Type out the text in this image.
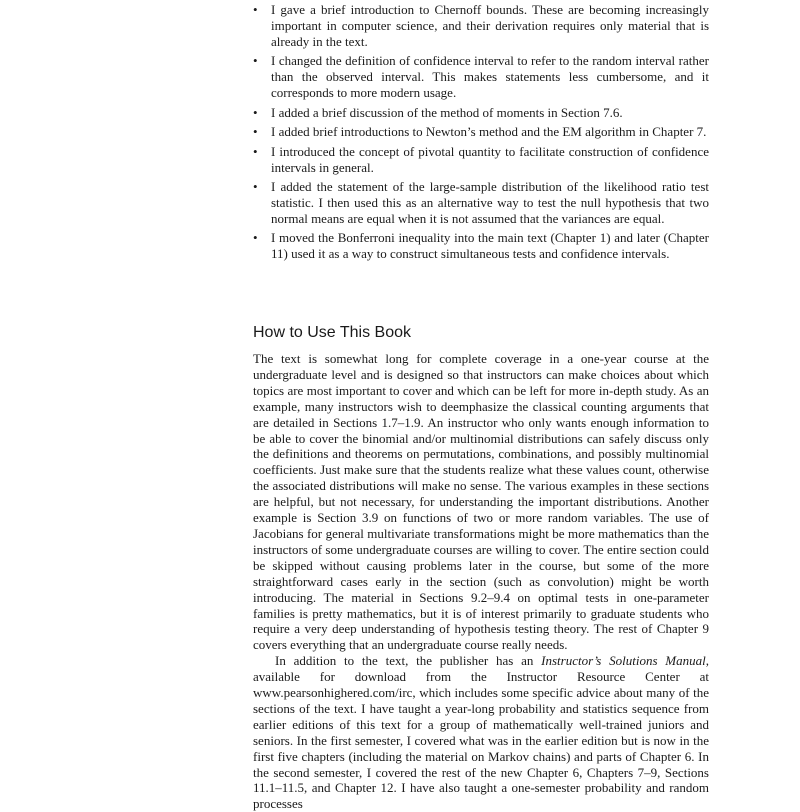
• I gave a brief introduction to Chernoff bounds. These are becoming increasingly important in computer science, and their derivation requires only material that is already in the text.
• I changed the definition of confidence interval to refer to the random interval rather than the observed interval. This makes statements less cumbersome, and it corresponds to more modern usage.
• I added a brief discussion of the method of moments in Section 7.6.
• I added brief introductions to Newton’s method and the EM algorithm in Chapter 7.
• I introduced the concept of pivotal quantity to facilitate construction of confidence intervals in general.
• I added the statement of the large-sample distribution of the likelihood ratio test statistic. I then used this as an alternative way to test the null hypothesis that two normal means are equal when it is not assumed that the variances are equal.
• I moved the Bonferroni inequality into the main text (Chapter 1) and later (Chapter 11) used it as a way to construct simultaneous tests and confidence intervals.
How to Use This Book

The text is somewhat long for complete coverage in a one-year course at the undergraduate level and is designed so that instructors can make choices about which topics are most important to cover and which can be left for more in-depth study. As an example, many instructors wish to deemphasize the classical counting arguments that are detailed in Sections 1.7–1.9. An instructor who only wants enough information to be able to cover the binomial and/or multinomial distributions can safely discuss only the definitions and theorems on permutations, combinations, and possibly multinomial coefficients. Just make sure that the students realize what these values count, otherwise the associated distributions will make no sense. The various examples in these sections are helpful, but not necessary, for understanding the important distributions. Another example is Section 3.9 on functions of two or more random variables. The use of Jacobians for general multivariate transformations might be more mathematics than the instructors of some undergraduate courses are willing to cover. The entire section could be skipped without causing problems later in the course, but some of the more straightforward cases early in the section (such as convolution) might be worth introducing. The material in Sections 9.2–9.4 on optimal tests in one-parameter families is pretty mathematics, but it is of interest primarily to graduate students who require a very deep understanding of hypothesis testing theory. The rest of Chapter 9 covers everything that an undergraduate course really needs.

In addition to the text, the publisher has an Instructor’s Solutions Manual, available for download from the Instructor Resource Center at www.pearsonhighered.com/irc, which includes some specific advice about many of the sections of the text. I have taught a year-long probability and statistics sequence from earlier editions of this text for a group of mathematically well-trained juniors and seniors. In the first semester, I covered what was in the earlier edition but is now in the first five chapters (including the material on Markov chains) and parts of Chapter 6. In the second semester, I covered the rest of the new Chapter 6, Chapters 7–9, Sections 11.1–11.5, and Chapter 12. I have also taught a one-semester probability and random processes
